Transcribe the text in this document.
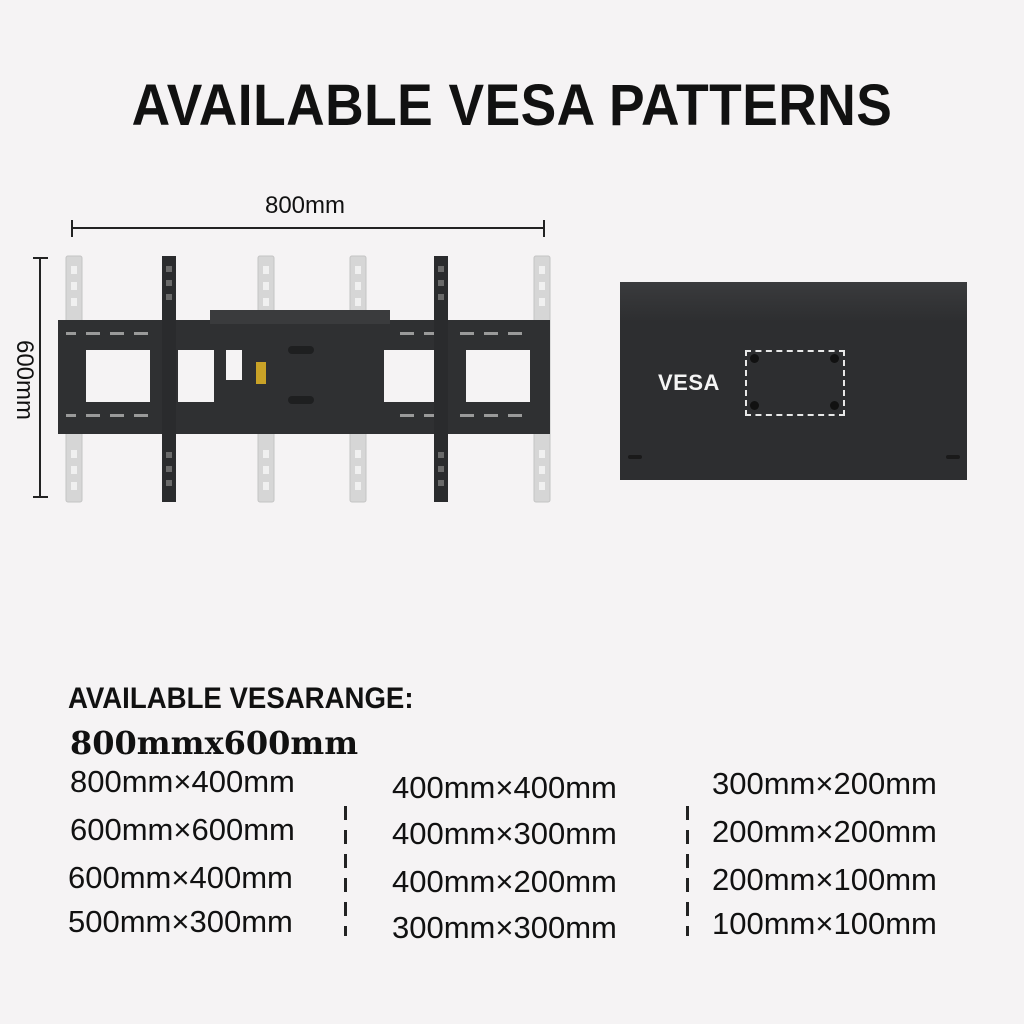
AVAILABLE VESA PATTERNS
800mm
600mm	VESA
AVAILABLE VESARANGE:
800mmx600mm
800mm×400mm
600mm×600mm
600mm×400mm
500mm×300mm
400mm×400mm
400mm×300mm
400mm×200mm
300mm×300mm
300mm×200mm
200mm×200mm
200mm×100mm
100mm×100mm
